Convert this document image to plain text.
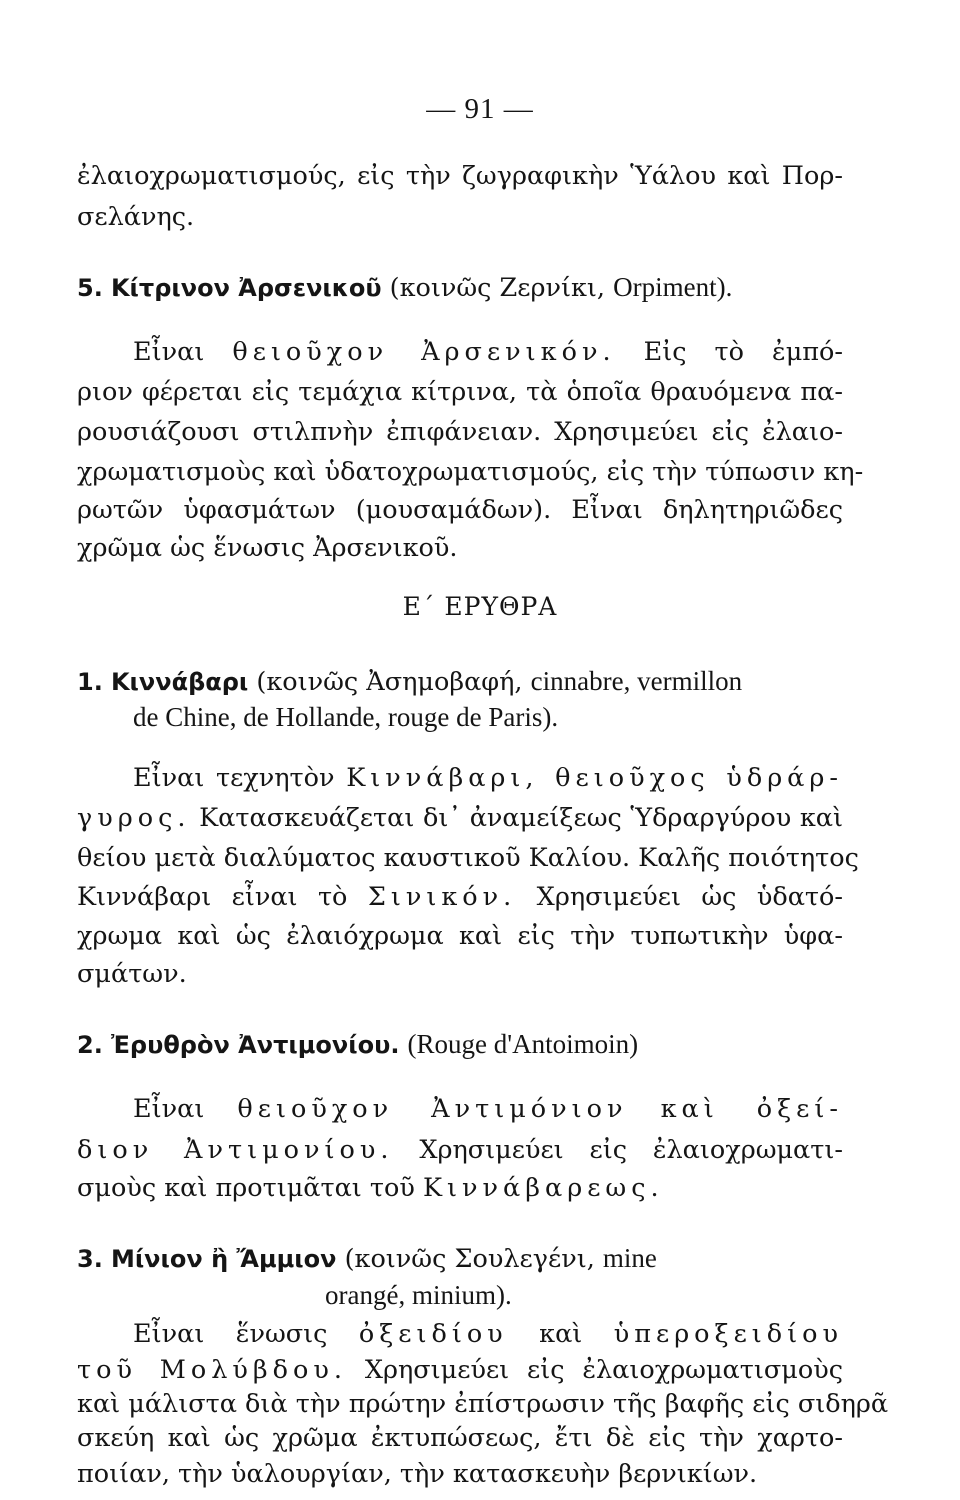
— 91 —

ἐλαιοχρωματισμούς, εἰς τὴν ζωγραφικὴν Ὑάλου καὶ Πορ-

σελάνης.

5. Κίτρινον Ἀρσενικοῦ (κοινῶς Ζερνίκι, Orpiment).

Εἶναι θειοῦχον Ἀρσενικόν. Εἰς τὸ ἐμπό-

ριον φέρεται εἰς τεμάχια κίτρινα, τὰ ὁποῖα θραυόμενα πα-

ρουσιάζουσι στιλπνὴν ἐπιφάνειαν. Χρησιμεύει εἰς ἐλαιο-

χρωματισμοὺς καὶ ὑδατοχρωματισμούς, εἰς τὴν τύπωσιν κη-

ρωτῶν ὑφασμάτων (μουσαμάδων). Εἶναι δηλητηριῶδες

χρῶμα ὡς ἕνωσις Ἀρσενικοῦ.

Ε΄ ΕΡΥΘΡΑ

1. Κιννάβαρι (κοινῶς Ἀσημοβαφή, cinnabre, vermillon

de Chine, de Hollande, rouge de Paris).

Εἶναι τεχνητὸν Κιννάβαρι, θειοῦχος ὑδράρ-

γυρος. Κατασκευάζεται δι᾽ ἀναμείξεως Ὑδραργύρου καὶ

θείου μετὰ διαλύματος καυστικοῦ Καλίου. Καλῆς ποιότητος

Κιννάβαρι εἶναι τὸ Σινικόν. Χρησιμεύει ὡς ὑδατό-

χρωμα καὶ ὡς ἐλαιόχρωμα καὶ εἰς τὴν τυπωτικὴν ὑφα-

σμάτων.

2. Ἐρυθρὸν Ἀντιμονίου. (Rouge d'Antoimoin)

Εἶναι θειοῦχον Ἀντιμόνιον καὶ ὀξεί-

διον Ἀντιμονίου. Χρησιμεύει εἰς ἐλαιοχρωματι-

σμοὺς καὶ προτιμᾶται τοῦ Κιννάβαρεως.

3. Μίνιον ἢ Ἄμμιον (κοινῶς Σουλεγένι, mine

orangé, minium).

Εἶναι ἕνωσις ὀξειδίου καὶ ὑπεροξειδίου

τοῦ Μολύβδου. Χρησιμεύει εἰς ἐλαιοχρωματισμοὺς

καὶ μάλιστα διὰ τὴν πρώτην ἐπίστρωσιν τῆς βαφῆς εἰς σιδηρᾶ

σκεύη καὶ ὡς χρῶμα ἐκτυπώσεως, ἔτι δὲ εἰς τὴν χαρτο-

ποιίαν, τὴν ὑαλουργίαν, τὴν κατασκευὴν βερνικίων.
